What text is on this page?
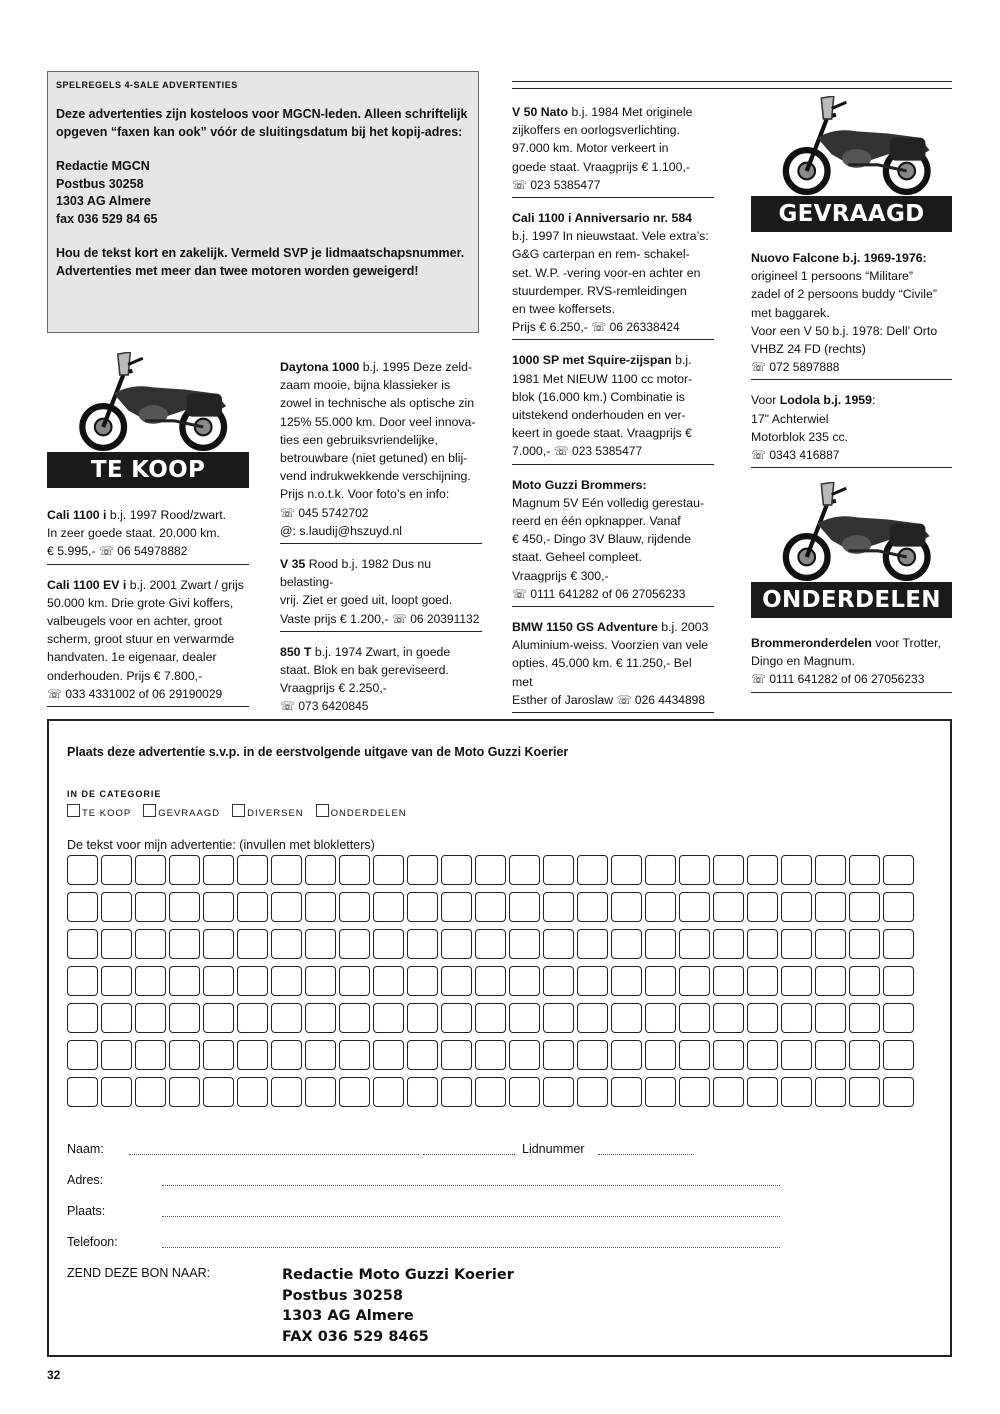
SPELREGELS 4-SALE ADVERTENTIES

Deze advertenties zijn kosteloos voor MGCN-leden. Alleen schriftelijk opgeven “faxen kan ook” vóór de sluitingsdatum bij het kopij-adres:

Redactie MGCN
Postbus 30258
1303 AG Almere
fax 036 529 84 65

Hou de tekst kort en zakelijk. Vermeld SVP je lidmaatschapsnummer. Advertenties met meer dan twee motoren worden geweigerd!

TE KOOP

Cali 1100 i b.j. 1997 Rood/zwart.
In zeer goede staat. 20.000 km.
€ 5.995,- ☏ 06 54978882

Cali 1100 EV i b.j. 2001 Zwart / grijs
50.000 km. Drie grote Givi koffers,
valbeugels voor en achter, groot
scherm, groot stuur en verwarmde
handvaten. 1e eigenaar, dealer
onderhouden. Prijs € 7.800,-
☏ 033 4331002 of 06 29190029

Daytona 1000 b.j. 1995 Deze zeld-
zaam mooie, bijna klassieker is
zowel in technische als optische zin
125% 55.000 km. Door veel innova-
ties een gebruiksvriendelijke,
betrouwbare (niet getuned) en blij-
vend indrukwekkende verschijning.
Prijs n.o.t.k. Voor foto’s en info:
☏ 045 5742702
@: s.laudij@hszuyd.nl

V 35 Rood b.j. 1982 Dus nu belasting-
vrij. Ziet er goed uit, loopt goed.
Vaste prijs € 1.200,- ☏ 06 20391132

850 T b.j. 1974 Zwart, in goede
staat. Blok en bak gereviseerd.
Vraagprijs € 2.250,-
☏ 073 6420845

V 50 Nato b.j. 1984 Met originele
zijkoffers en oorlogsverlichting.
97.000 km. Motor verkeert in
goede staat. Vraagprijs € 1.100,-
☏ 023 5385477

Cali 1100 i Anniversario nr. 584
b.j. 1997 In nieuwstaat. Vele extra’s:
G&G carterpan en rem- schakel-
set. W.P. -vering voor-en achter en
stuurdemper. RVS-remleidingen
en twee koffersets.
Prijs € 6.250,- ☏ 06 26338424

1000 SP met Squire-zijspan b.j.
1981 Met NIEUW 1100 cc motor-
blok (16.000 km.) Combinatie is
uitstekend onderhouden en ver-
keert in goede staat. Vraagprijs €
7.000,- ☏ 023 5385477

Moto Guzzi Brommers:
Magnum 5V Eén volledig gerestau-
reerd en één opknapper. Vanaf
€ 450,- Dingo 3V Blauw, rijdende
staat. Geheel compleet.
Vraagprijs € 300,-
☏ 0111 641282 of 06 27056233

BMW 1150 GS Adventure b.j. 2003
Aluminium-weiss. Voorzien van vele
opties. 45.000 km. € 11.250,- Bel met
Esther of Jaroslaw ☏ 026 4434898

GEVRAAGD

Nuovo Falcone b.j. 1969-1976:
origineel 1 persoons “Militare”
zadel of 2 persoons buddy “Civile”
met baggarek.
Voor een V 50 b.j. 1978: Dell’ Orto
VHBZ 24 FD (rechts)
☏ 072 5897888

Voor Lodola b.j. 1959:
17" Achterwiel
Motorblok 235 cc.
☏ 0343 416887

ONDERDELEN

Brommeronderdelen voor Trotter,
Dingo en Magnum.
☏ 0111 641282 of 06 27056233

Plaats deze advertentie s.v.p. in de eerstvolgende uitgave van de Moto Guzzi Koerier
IN DE CATEGORIE
TE KOOP	GEVRAAGD	DIVERSEN	ONDERDELEN
De tekst voor mijn advertentie: (invullen met blokletters)
Naam:	Lidnummer
Adres:
Plaats:
Telefoon:
ZEND DEZE BON NAAR:	Redactie Moto Guzzi Koerier
Postbus 30258
1303 AG Almere
FAX 036 529 8465
32
